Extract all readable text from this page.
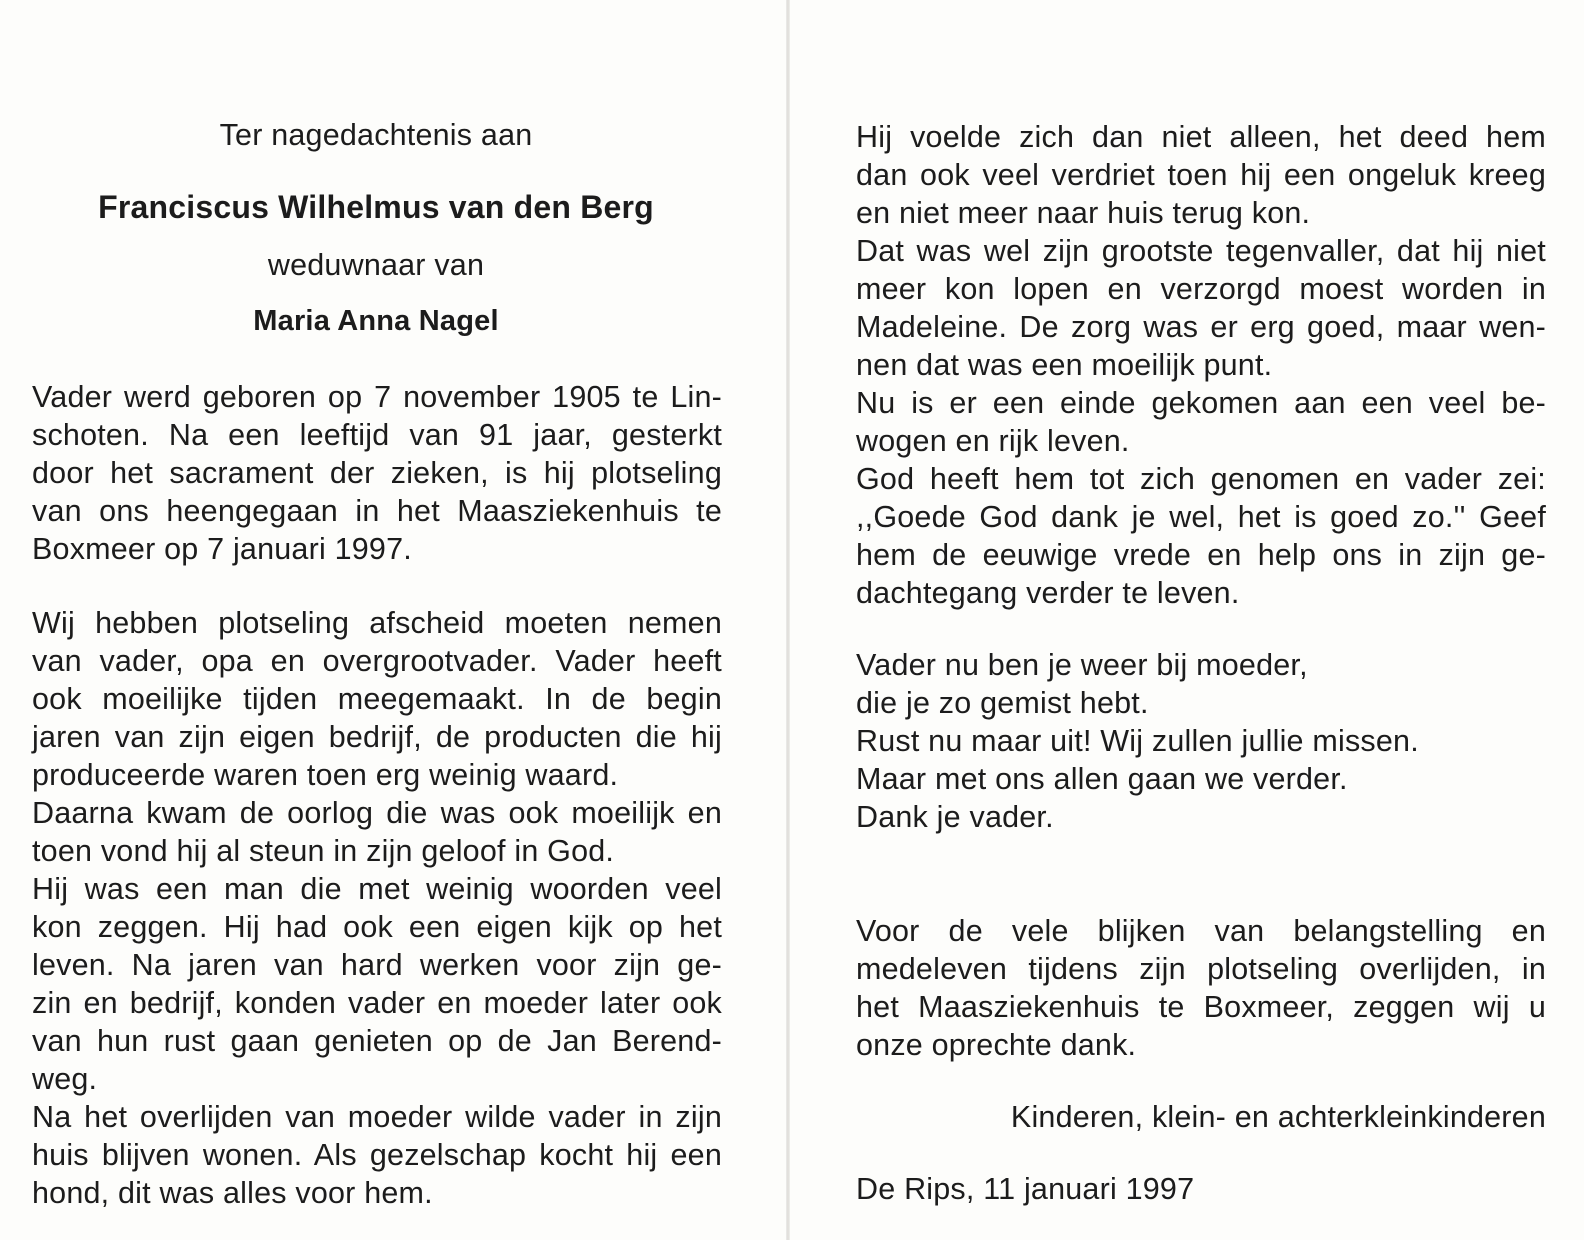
Ter nagedachtenis aan
Franciscus Wilhelmus van den Berg
weduwnaar van
Maria Anna Nagel
Vader werd geboren op 7 november 1905 te Lin-
schoten. Na een leeftijd van 91 jaar, gesterkt
door het sacrament der zieken, is hij plotseling
van ons heengegaan in het Maasziekenhuis te
Boxmeer op 7 januari 1997.
Wij hebben plotseling afscheid moeten nemen
van vader, opa en overgrootvader. Vader heeft
ook moeilijke tijden meegemaakt. In de begin
jaren van zijn eigen bedrijf, de producten die hij
produceerde waren toen erg weinig waard.
Daarna kwam de oorlog die was ook moeilijk en
toen vond hij al steun in zijn geloof in God.
Hij was een man die met weinig woorden veel
kon zeggen. Hij had ook een eigen kijk op het
leven. Na jaren van hard werken voor zijn ge-
zin en bedrijf, konden vader en moeder later ook
van hun rust gaan genieten op de Jan Berend-
weg.
Na het overlijden van moeder wilde vader in zijn
huis blijven wonen. Als gezelschap kocht hij een
hond, dit was alles voor hem.
Hij voelde zich dan niet alleen, het deed hem
dan ook veel verdriet toen hij een ongeluk kreeg
en niet meer naar huis terug kon.
Dat was wel zijn grootste tegenvaller, dat hij niet
meer kon lopen en verzorgd moest worden in
Madeleine. De zorg was er erg goed, maar wen-
nen dat was een moeilijk punt.
Nu is er een einde gekomen aan een veel be-
wogen en rijk leven.
God heeft hem tot zich genomen en vader zei:
,,Goede God dank je wel, het is goed zo.'' Geef
hem de eeuwige vrede en help ons in zijn ge-
dachtegang verder te leven.
Vader nu ben je weer bij moeder,
die je zo gemist hebt.
Rust nu maar uit! Wij zullen jullie missen.
Maar met ons allen gaan we verder.
Dank je vader.
Voor de vele blijken van belangstelling en
medeleven tijdens zijn plotseling overlijden, in
het Maasziekenhuis te Boxmeer, zeggen wij u
onze oprechte dank.
Kinderen, klein- en achterkleinkinderen
De Rips, 11 januari 1997
